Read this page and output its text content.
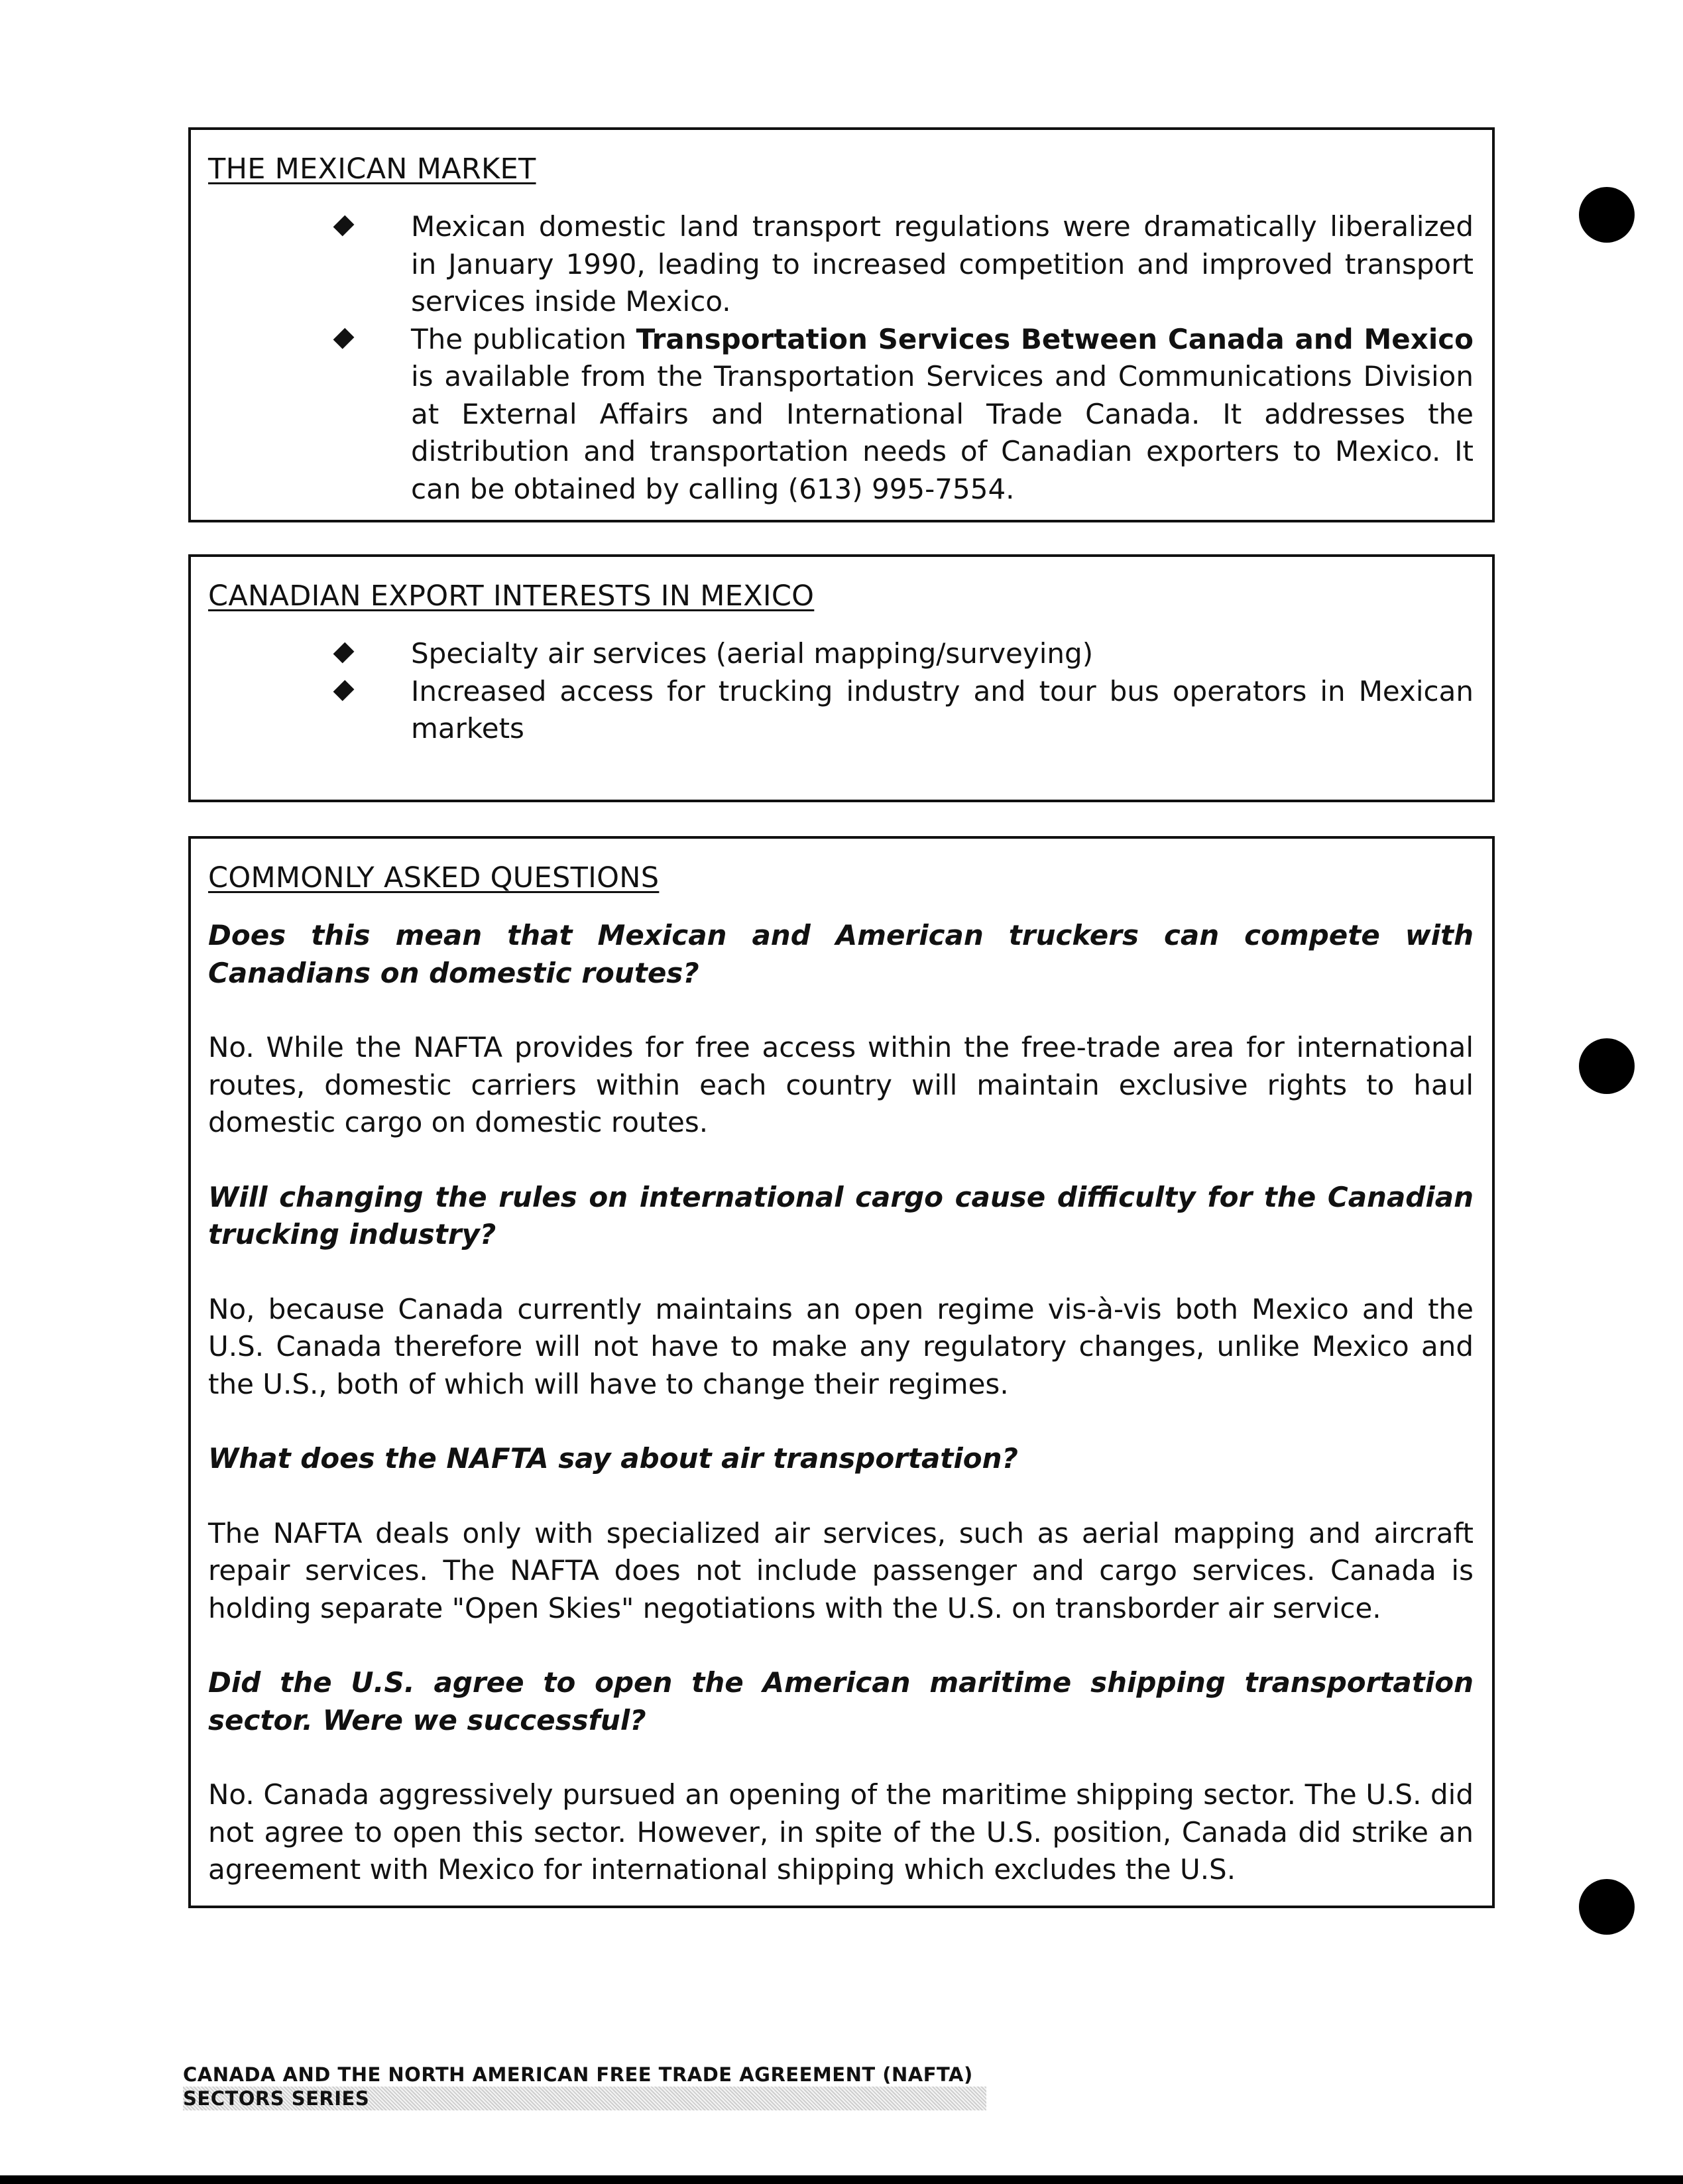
THE MEXICAN MARKET
Mexican domestic land transport regulations were dramatically liberalized in January 1990, leading to increased competition and improved transport services inside Mexico.
The publication Transportation Services Between Canada and Mexico is available from the Transportation Services and Communications Division at External Affairs and International Trade Canada. It addresses the distribution and transportation needs of Canadian exporters to Mexico. It can be obtained by calling (613) 995-7554.
CANADIAN EXPORT INTERESTS IN MEXICO
Specialty air services (aerial mapping/surveying)
Increased access for trucking industry and tour bus operators in Mexican markets
COMMONLY ASKED QUESTIONS

Does this mean that Mexican and American truckers can compete with Canadians on domestic routes?

No. While the NAFTA provides for free access within the free-trade area for international routes, domestic carriers within each country will maintain exclusive rights to haul domestic cargo on domestic routes.

Will changing the rules on international cargo cause difficulty for the Canadian trucking industry?

No, because Canada currently maintains an open regime vis-à-vis both Mexico and the U.S. Canada therefore will not have to make any regulatory changes, unlike Mexico and the U.S., both of which will have to change their regimes.

What does the NAFTA say about air transportation?

The NAFTA deals only with specialized air services, such as aerial mapping and aircraft repair services. The NAFTA does not include passenger and cargo services. Canada is holding separate "Open Skies" negotiations with the U.S. on transborder air service.

Did the U.S. agree to open the American maritime shipping transportation sector. Were we successful?

No. Canada aggressively pursued an opening of the maritime shipping sector. The U.S. did not agree to open this sector. However, in spite of the U.S. position, Canada did strike an agreement with Mexico for international shipping which excludes the U.S.

CANADA AND THE NORTH AMERICAN FREE TRADE AGREEMENT (NAFTA)
SECTORS SERIES
